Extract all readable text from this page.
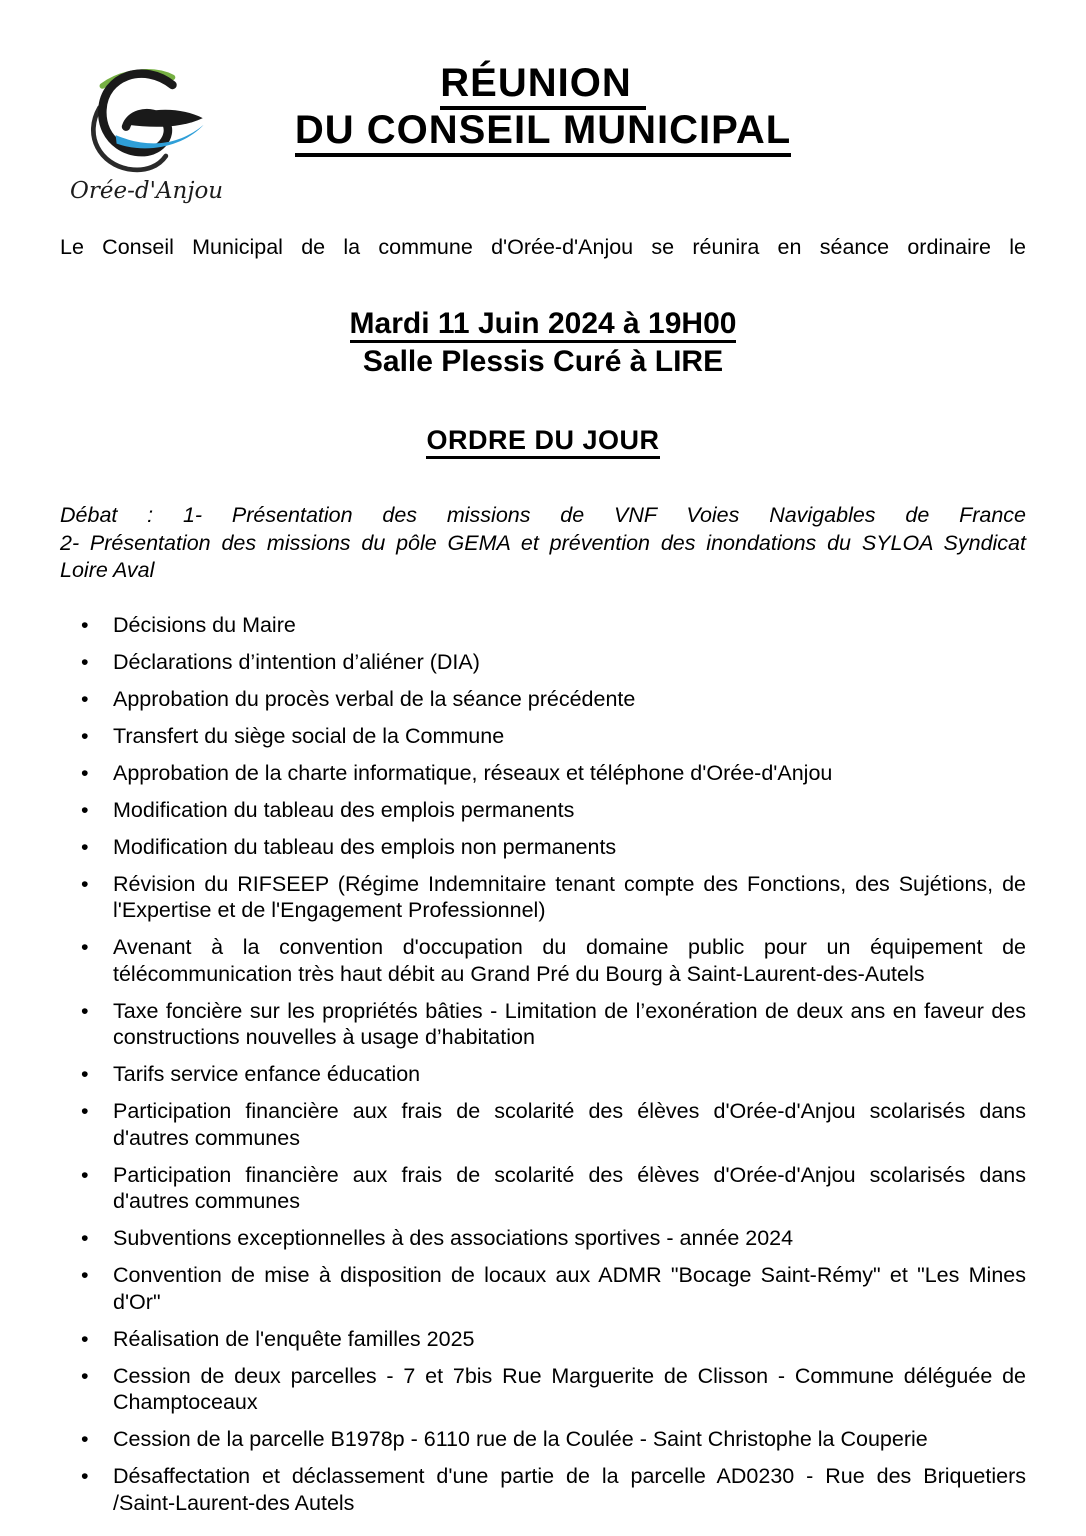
Orée-d'Anjou
RÉUNION
DU CONSEIL MUNICIPAL

Le Conseil Municipal de la commune d'Orée-d'Anjou se réunira en séance ordinaire le

Mardi 11 Juin 2024 à 19H00
Salle Plessis Curé à LIRE
ORDRE DU JOUR
Débat : 1- Présentation des missions de VNF Voies Navigables de France
2- Présentation des missions du pôle GEMA et prévention des inondations du SYLOA Syndicat
Loire Aval
• Décisions du Maire
• Déclarations d’intention d’aliéner (DIA)
• Approbation du procès verbal de la séance précédente
• Transfert du siège social de la Commune
• Approbation de la charte informatique, réseaux et téléphone d'Orée-d'Anjou
• Modification du tableau des emplois permanents
• Modification du tableau des emplois non permanents
• Révision du RIFSEEP (Régime Indemnitaire tenant compte des Fonctions, des Sujétions, de
l'Expertise et de l'Engagement Professionnel)
• Avenant à la convention d'occupation du domaine public pour un équipement de
télécommunication très haut débit au Grand Pré du Bourg à Saint-Laurent-des-Autels
• Taxe foncière sur les propriétés bâties - Limitation de l’exonération de deux ans en faveur des
constructions nouvelles à usage d’habitation
• Tarifs service enfance éducation
• Participation financière aux frais de scolarité des élèves d'Orée-d'Anjou scolarisés dans
d'autres communes
• Participation financière aux frais de scolarité des élèves d'Orée-d'Anjou scolarisés dans
d'autres communes
• Subventions exceptionnelles à des associations sportives - année 2024
• Convention de mise à disposition de locaux aux ADMR "Bocage Saint-Rémy" et "Les Mines
d'Or"
• Réalisation de l'enquête familles 2025
• Cession de deux parcelles - 7 et 7bis Rue Marguerite de Clisson - Commune déléguée de
Champtoceaux
• Cession de la parcelle B1978p - 6110 rue de la Coulée - Saint Christophe la Couperie
• Désaffectation et déclassement d'une partie de la parcelle AD0230 - Rue des Briquetiers
/Saint-Laurent-des Autels
